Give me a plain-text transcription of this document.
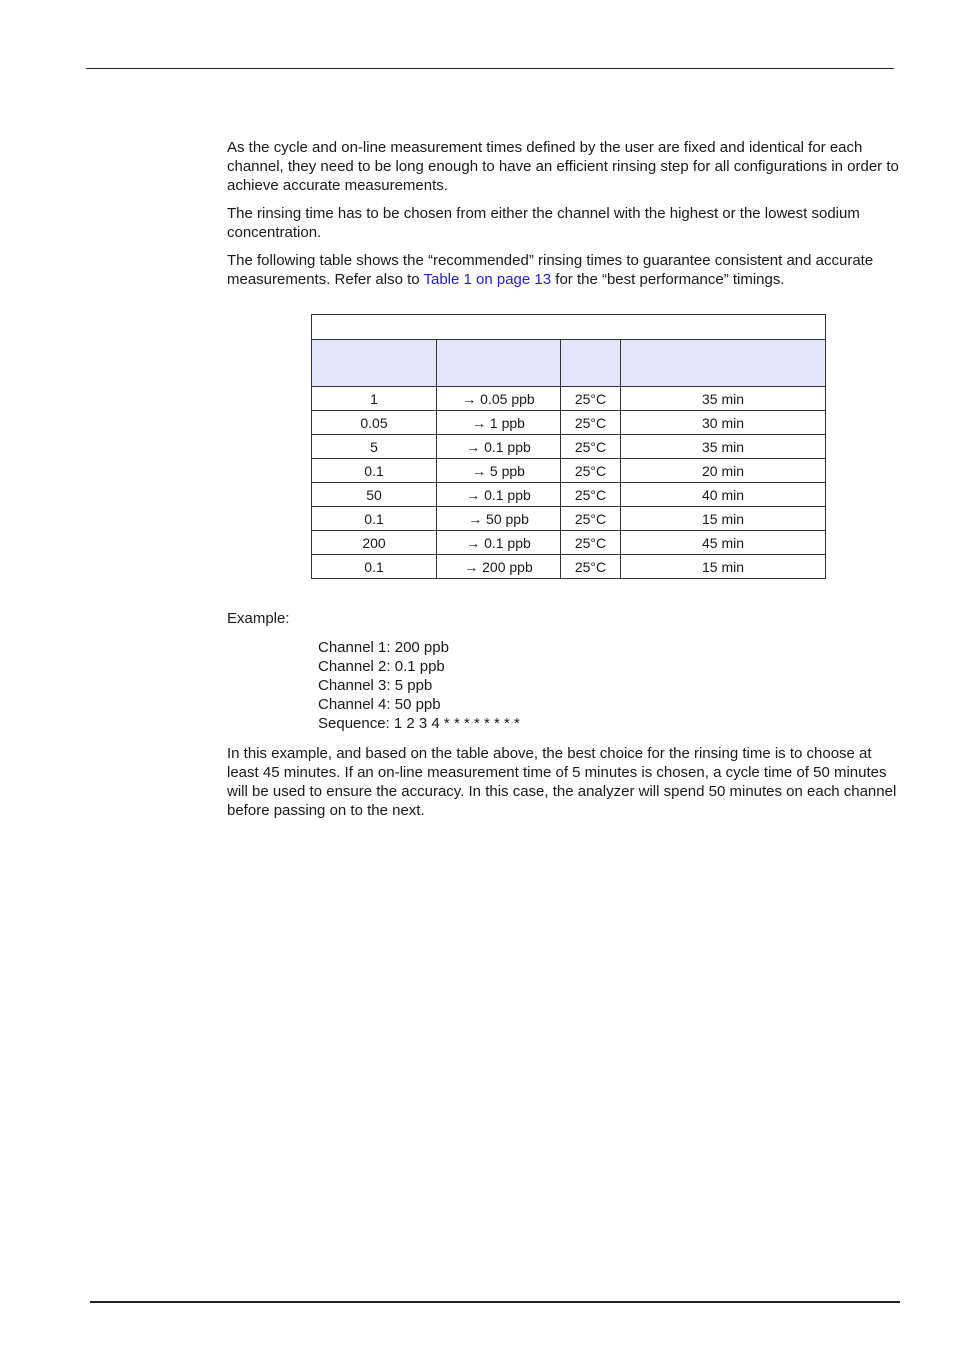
As the cycle and on-line measurement times defined by the user are fixed and identical for each channel, they need to be long enough to have an efficient rinsing step for all configurations in order to achieve accurate measurements.

The rinsing time has to be chosen from either the channel with the highest or the lowest sodium concentration.

The following table shows the “recommended” rinsing times to guarantee consistent and accurate measurements. Refer also to Table 1 on page 13 for the “best performance” timings.

1	→ 0.05 ppb	25°C	35 min
0.05	→ 1 ppb	25°C	30 min
5	→ 0.1 ppb	25°C	35 min
0.1	→ 5 ppb	25°C	20 min
50	→ 0.1 ppb	25°C	40 min
0.1	→ 50 ppb	25°C	15 min
200	→ 0.1 ppb	25°C	45 min
0.1	→ 200 ppb	25°C	15 min
Example:
Channel 1: 200 ppb
Channel 2: 0.1 ppb
Channel 3: 5 ppb
Channel 4: 50 ppb
Sequence: 1 2 3 4 * * * * * * * *

In this example, and based on the table above, the best choice for the rinsing time is to choose at least 45 minutes. If an on-line measurement time of 5 minutes is chosen, a cycle time of 50 minutes will be used to ensure the accuracy. In this case, the analyzer will spend 50 minutes on each channel before passing on to the next.
